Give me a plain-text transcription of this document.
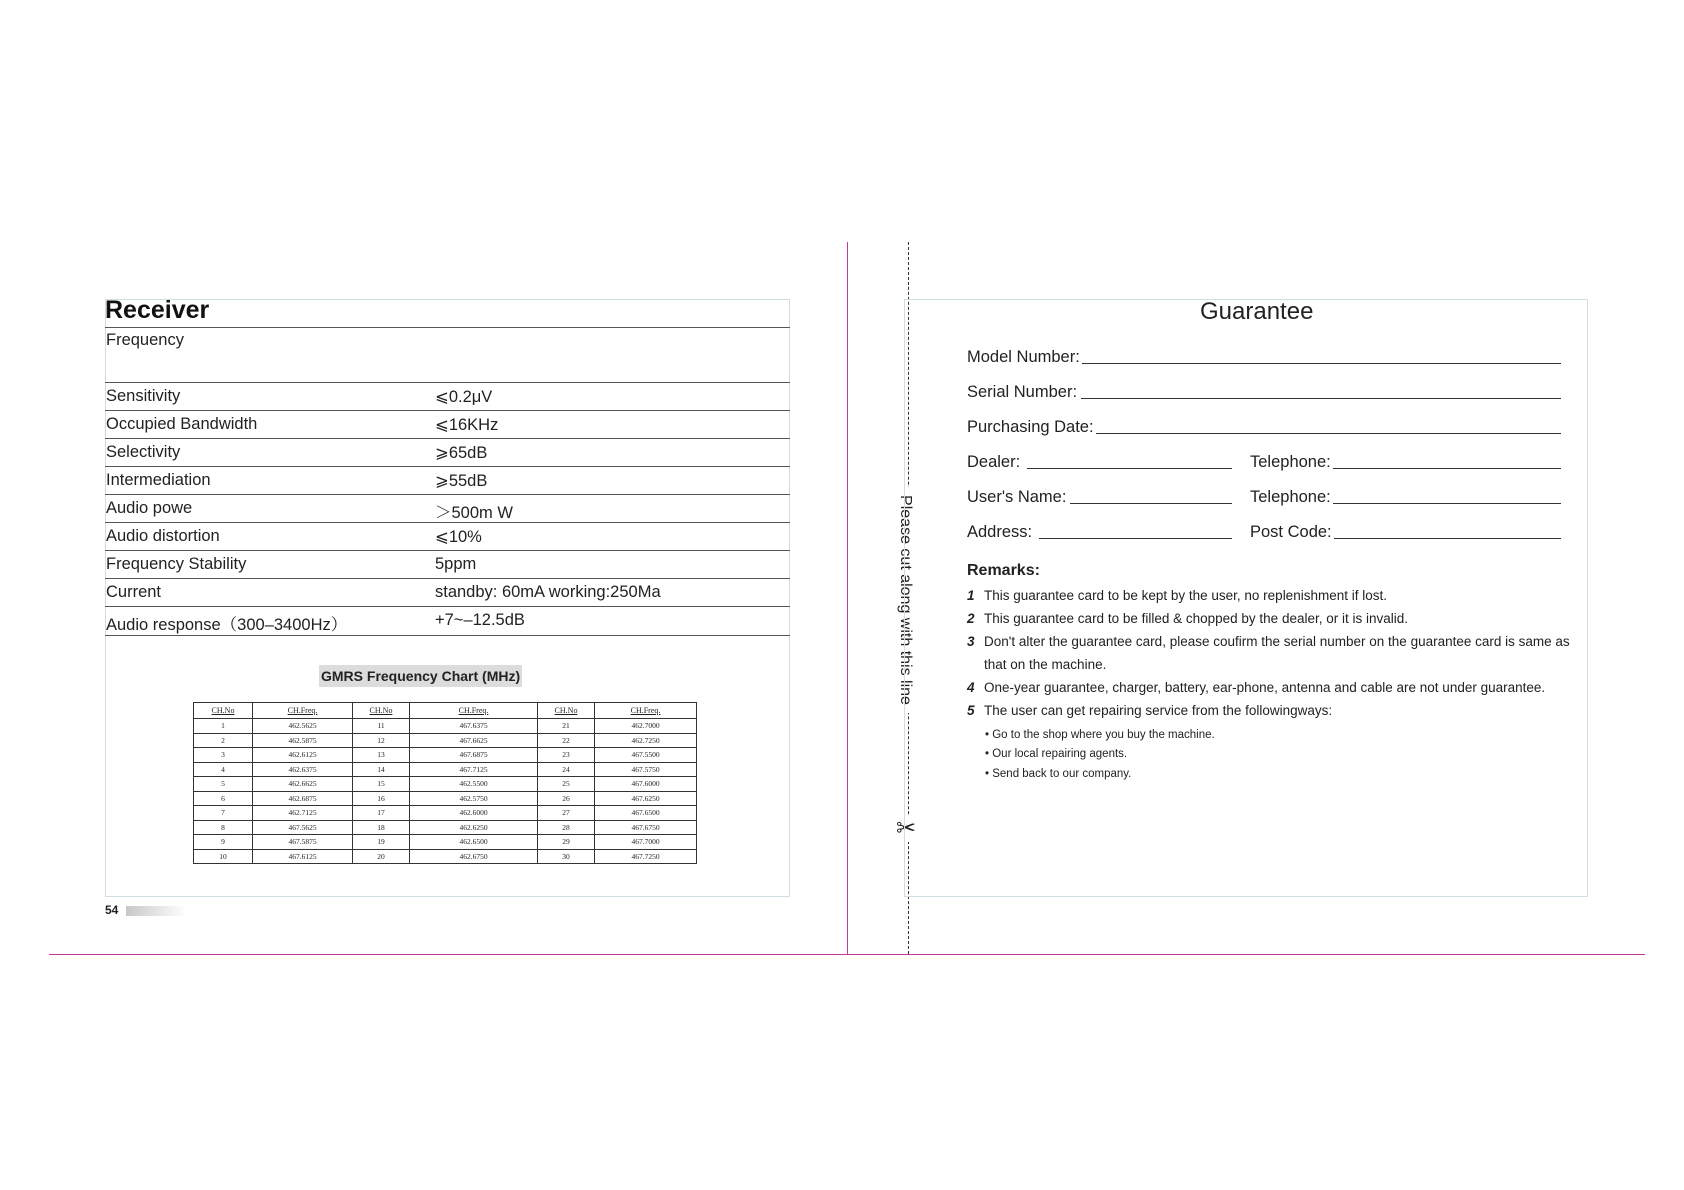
Please cut along with this line
✂
Receiver
Frequency
Sensitivity	⩽0.2μV
Occupied Bandwidth	⩽16KHz
Selectivity	⩾65dB
Intermediation	⩾55dB
Audio powe	＞500m W
Audio distortion	⩽10%
Frequency Stability	5ppm
Current	standby: 60mA working:250Ma
Audio response（300–3400Hz）	+7~–12.5dB
GMRS Frequency Chart (MHz)
CH.No	CH.Freq.	CH.No	CH.Freq.	CH.No	CH.Freq.
1	462.5625	11	467.6375	21	462.7000
2	462.5875	12	467.6625	22	462.7250
3	462.6125	13	467.6875	23	467.5500
4	462.6375	14	467.7125	24	467.5750
5	462.6625	15	462.5500	25	467.6000
6	462.6875	16	462.5750	26	467.6250
7	462.7125	17	462.6000	27	467.6500
8	467.5625	18	462.6250	28	467.6750
9	467.5875	19	462.6500	29	467.7000
10	467.6125	20	462.6750	30	467.7250
54
Guarantee
Model Number:
Serial Number:
Purchasing Date:
Dealer:	Telephone:
User's Name:	Telephone:
Address:	Post Code:
Remarks:
1 This guarantee card to be kept by the user, no replenishment if lost.
2 This guarantee card to be filled & chopped by the dealer, or it is invalid.
3 Don't alter the guarantee card, please coufirm the serial number on the guarantee card is same as
that on the machine.
4 One-year guarantee, charger, battery, ear-phone, antenna and cable are not under guarantee.
5 The user can get repairing service from the followingways:
• Go to the shop where you buy the machine.
• Our local repairing agents.
• Send back to our company.
